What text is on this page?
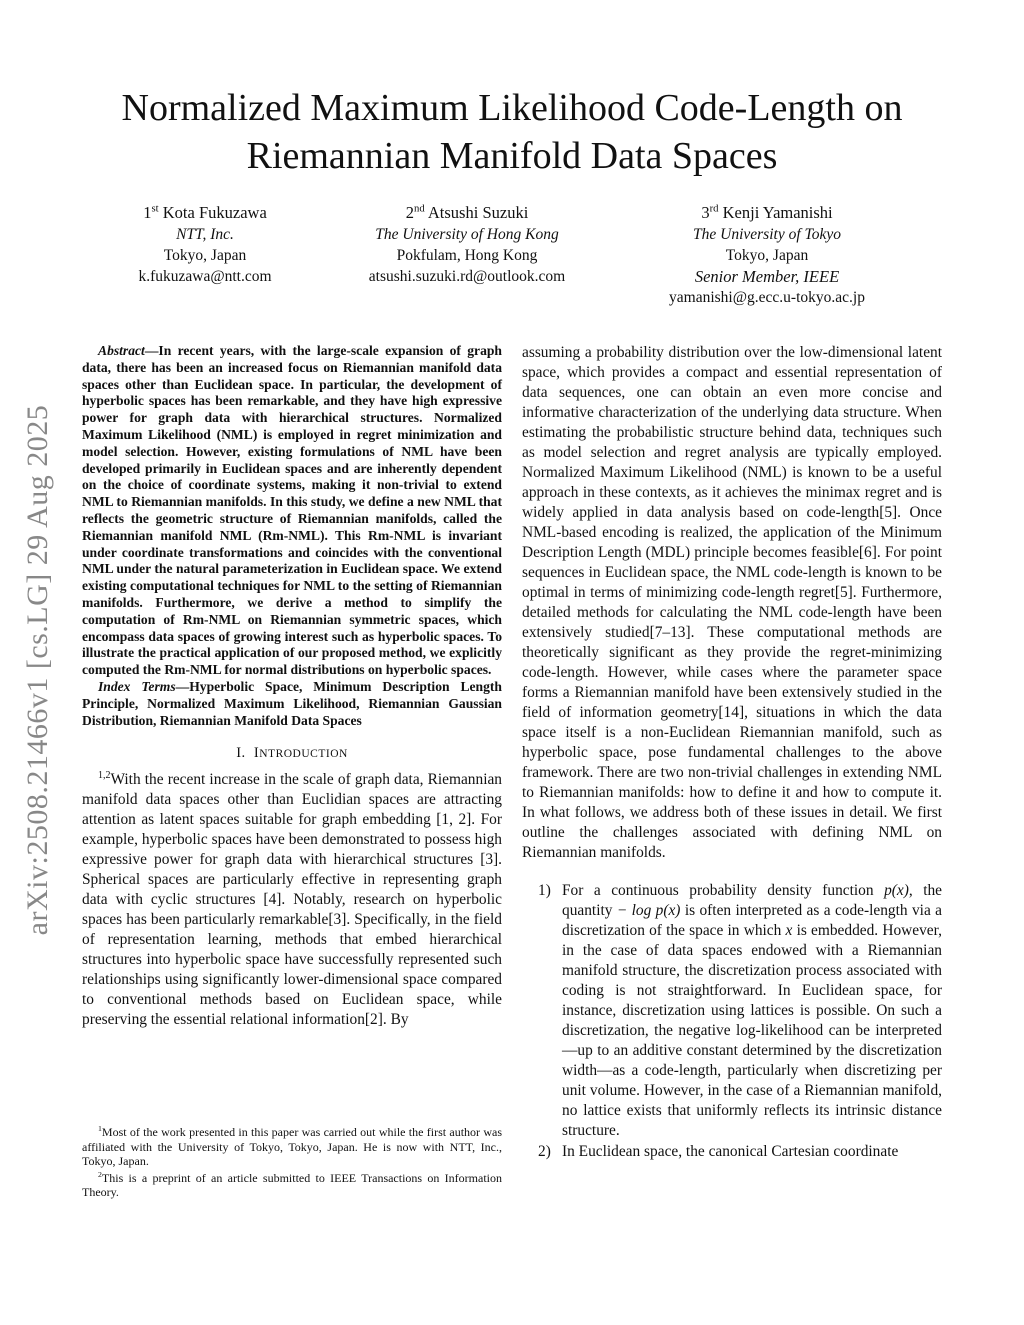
arXiv:2508.21466v1 [cs.LG] 29 Aug 2025
Normalized Maximum Likelihood Code-Length on
Riemannian Manifold Data Spaces
1st Kota Fukuzawa
NTT, Inc.
Tokyo, Japan
k.fukuzawa@ntt.com
2nd Atsushi Suzuki
The University of Hong Kong
Pokfulam, Hong Kong
atsushi.suzuki.rd@outlook.com
3rd Kenji Yamanishi
The University of Tokyo
Tokyo, Japan
Senior Member, IEEE
yamanishi@g.ecc.u-tokyo.ac.jp

Abstract—In recent years, with the large-scale expansion of graph data, there has been an increased focus on Riemannian manifold data spaces other than Euclidean space. In particular, the development of hyperbolic spaces has been remarkable, and they have high expressive power for graph data with hierarchical structures. Normalized Maximum Likelihood (NML) is employed in regret minimization and model selection. However, existing formulations of NML have been developed primarily in Euclidean spaces and are inherently dependent on the choice of coordinate systems, making it non-trivial to extend NML to Riemannian manifolds. In this study, we define a new NML that reflects the geometric structure of Riemannian manifolds, called the Riemannian manifold NML (Rm-NML). This Rm-NML is invariant under coordinate transformations and coincides with the conventional NML under the natural parameterization in Euclidean space. We extend existing computational techniques for NML to the setting of Riemannian manifolds. Furthermore, we derive a method to simplify the computation of Rm-NML on Riemannian symmetric spaces, which encompass data spaces of growing interest such as hyperbolic spaces. To illustrate the practical application of our proposed method, we explicitly computed the Rm-NML for normal distributions on hyperbolic spaces.

Index Terms—Hyperbolic Space, Minimum Description Length Principle, Normalized Maximum Likelihood, Riemannian Gaussian Distribution, Riemannian Manifold Data Spaces

I. INTRODUCTION

$^{1,2}$With the recent increase in the scale of graph data, Riemannian manifold data spaces other than Euclidian spaces are attracting attention as latent spaces suitable for graph embedding [1, 2]. For example, hyperbolic spaces have been demonstrated to possess high expressive power for graph data with hierarchical structures [3]. Spherical spaces are particularly effective in representing graph data with cyclic structures [4]. Notably, research on hyperbolic spaces has been particularly remarkable[3]. Specifically, in the field of representation learning, methods that embed hierarchical structures into hyperbolic space have successfully represented such relationships using significantly lower-dimensional space compared to conventional methods based on Euclidean space, while preserving the essential relational information[2]. By

$^1$Most of the work presented in this paper was carried out while the first author was affiliated with the University of Tokyo, Tokyo, Japan. He is now with NTT, Inc., Tokyo, Japan.

$^2$This is a preprint of an article submitted to IEEE Transactions on Information Theory.

assuming a probability distribution over the low-dimensional latent space, which provides a compact and essential representation of data sequences, one can obtain an even more concise and informative characterization of the underlying data structure. When estimating the probabilistic structure behind data, techniques such as model selection and regret analysis are typically employed. Normalized Maximum Likelihood (NML) is known to be a useful approach in these contexts, as it achieves the minimax regret and is widely applied in data analysis based on code-length[5]. Once NML-based encoding is realized, the application of the Minimum Description Length (MDL) principle becomes feasible[6]. For point sequences in Euclidean space, the NML code-length is known to be optimal in terms of minimizing code-length regret[5]. Furthermore, detailed methods for calculating the NML code-length have been extensively studied[7–13]. These computational methods are theoretically significant as they provide the regret-minimizing code-length. However, while cases where the parameter space forms a Riemannian manifold have been extensively studied in the field of information geometry[14], situations in which the data space itself is a non-Euclidean Riemannian manifold, such as hyperbolic space, pose fundamental challenges to the above framework. There are two non-trivial challenges in extending NML to Riemannian manifolds: how to define it and how to compute it. In what follows, we address both of these issues in detail. We first outline the challenges associated with defining NML on Riemannian manifolds.

1) For a continuous probability density function p(x), the quantity − log p(x) is often interpreted as a code-length via a discretization of the space in which x is embedded. However, in the case of data spaces endowed with a Riemannian manifold structure, the discretization process associated with coding is not straightforward. In Euclidean space, for instance, discretization using lattices is possible. On such a discretization, the negative log-likelihood can be interpreted—up to an additive constant determined by the discretization width—as a code-length, particularly when discretizing per unit volume. However, in the case of a Riemannian manifold, no lattice exists that uniformly reflects its intrinsic distance structure.
2) In Euclidean space, the canonical Cartesian coordinate
